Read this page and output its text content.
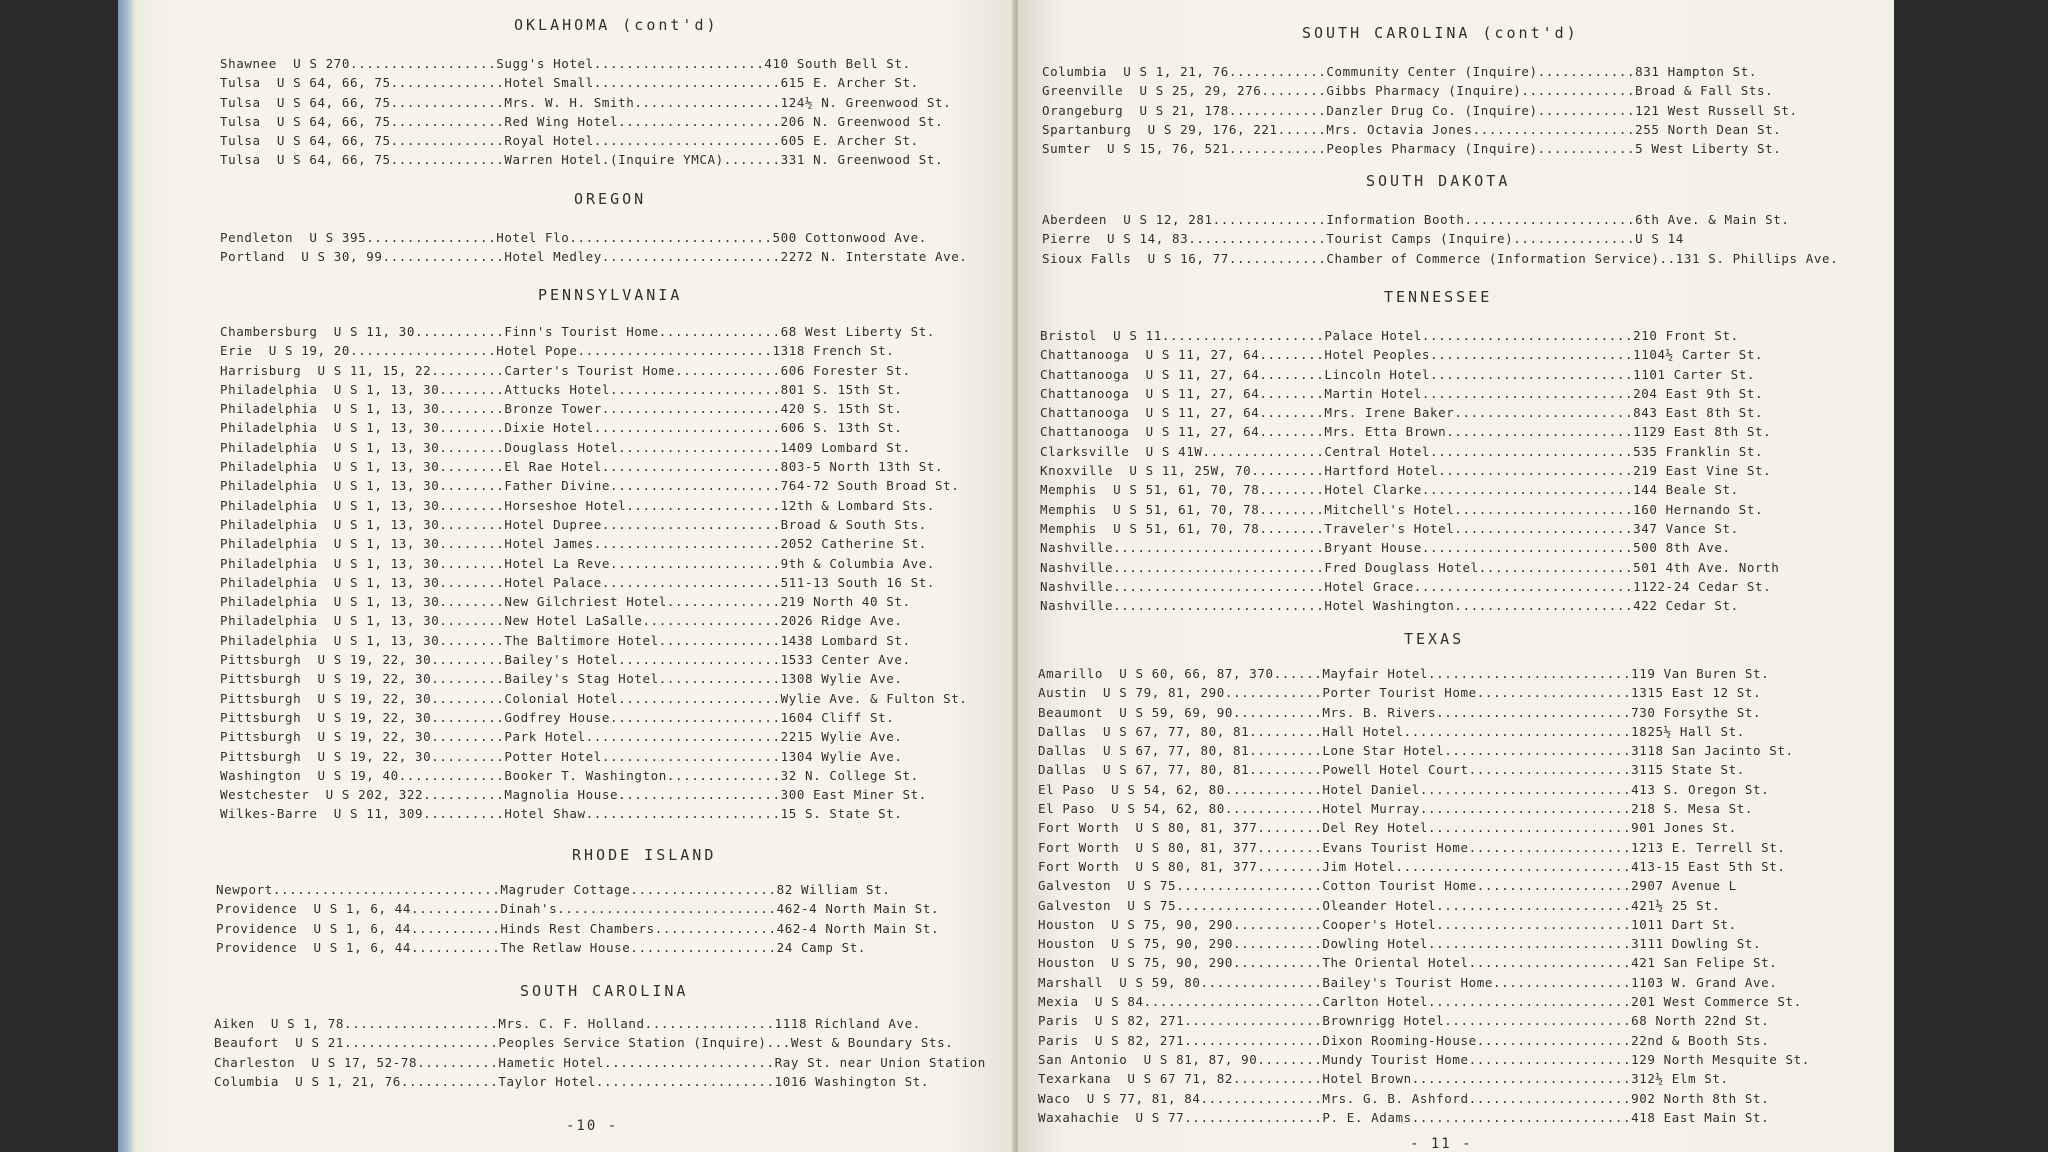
OKLAHOMA (cont'd)
Shawnee  U S 270..................Sugg's Hotel.....................410 South Bell St.
Tulsa  U S 64, 66, 75..............Hotel Small.......................615 E. Archer St.
Tulsa  U S 64, 66, 75..............Mrs. W. H. Smith..................124½ N. Greenwood St.
Tulsa  U S 64, 66, 75..............Red Wing Hotel....................206 N. Greenwood St.
Tulsa  U S 64, 66, 75..............Royal Hotel.......................605 E. Archer St.
Tulsa  U S 64, 66, 75..............Warren Hotel.(Inquire YMCA).......331 N. Greenwood St.
OREGON
Pendleton  U S 395................Hotel Flo.........................500 Cottonwood Ave.
Portland  U S 30, 99...............Hotel Medley......................2272 N. Interstate Ave.
PENNSYLVANIA
Chambersburg  U S 11, 30...........Finn's Tourist Home...............68 West Liberty St.
Erie  U S 19, 20..................Hotel Pope........................1318 French St.
Harrisburg  U S 11, 15, 22.........Carter's Tourist Home.............606 Forester St.
Philadelphia  U S 1, 13, 30........Attucks Hotel.....................801 S. 15th St.
Philadelphia  U S 1, 13, 30........Bronze Tower......................420 S. 15th St.
Philadelphia  U S 1, 13, 30........Dixie Hotel.......................606 S. 13th St.
Philadelphia  U S 1, 13, 30........Douglass Hotel....................1409 Lombard St.
Philadelphia  U S 1, 13, 30........El Rae Hotel......................803-5 North 13th St.
Philadelphia  U S 1, 13, 30........Father Divine.....................764-72 South Broad St.
Philadelphia  U S 1, 13, 30........Horseshoe Hotel...................12th & Lombard Sts.
Philadelphia  U S 1, 13, 30........Hotel Dupree......................Broad & South Sts.
Philadelphia  U S 1, 13, 30........Hotel James.......................2052 Catherine St.
Philadelphia  U S 1, 13, 30........Hotel La Reve.....................9th & Columbia Ave.
Philadelphia  U S 1, 13, 30........Hotel Palace......................511-13 South 16 St.
Philadelphia  U S 1, 13, 30........New Gilchriest Hotel..............219 North 40 St.
Philadelphia  U S 1, 13, 30........New Hotel LaSalle.................2026 Ridge Ave.
Philadelphia  U S 1, 13, 30........The Baltimore Hotel...............1438 Lombard St.
Pittsburgh  U S 19, 22, 30.........Bailey's Hotel....................1533 Center Ave.
Pittsburgh  U S 19, 22, 30.........Bailey's Stag Hotel...............1308 Wylie Ave.
Pittsburgh  U S 19, 22, 30.........Colonial Hotel....................Wylie Ave. & Fulton St.
Pittsburgh  U S 19, 22, 30.........Godfrey House.....................1604 Cliff St.
Pittsburgh  U S 19, 22, 30.........Park Hotel........................2215 Wylie Ave.
Pittsburgh  U S 19, 22, 30.........Potter Hotel......................1304 Wylie Ave.
Washington  U S 19, 40.............Booker T. Washington..............32 N. College St.
Westchester  U S 202, 322..........Magnolia House....................300 East Miner St.
Wilkes-Barre  U S 11, 309..........Hotel Shaw........................15 S. State St.
RHODE ISLAND
Newport............................Magruder Cottage..................82 William St.
Providence  U S 1, 6, 44...........Dinah's...........................462-4 North Main St.
Providence  U S 1, 6, 44...........Hinds Rest Chambers...............462-4 North Main St.
Providence  U S 1, 6, 44...........The Retlaw House..................24 Camp St.
SOUTH CAROLINA
Aiken  U S 1, 78...................Mrs. C. F. Holland................1118 Richland Ave.
Beaufort  U S 21...................Peoples Service Station (Inquire)...West & Boundary Sts.
Charleston  U S 17, 52-78..........Hametic Hotel.....................Ray St. near Union Station
Columbia  U S 1, 21, 76............Taylor Hotel......................1016 Washington St.
-10 -
SOUTH CAROLINA (cont'd)
Columbia  U S 1, 21, 76............Community Center (Inquire)............831 Hampton St.
Greenville  U S 25, 29, 276........Gibbs Pharmacy (Inquire)..............Broad & Fall Sts.
Orangeburg  U S 21, 178............Danzler Drug Co. (Inquire)............121 West Russell St.
Spartanburg  U S 29, 176, 221......Mrs. Octavia Jones....................255 North Dean St.
Sumter  U S 15, 76, 521............Peoples Pharmacy (Inquire)............5 West Liberty St.
SOUTH DAKOTA
Aberdeen  U S 12, 281..............Information Booth.....................6th Ave. & Main St.
Pierre  U S 14, 83.................Tourist Camps (Inquire)...............U S 14
Sioux Falls  U S 16, 77............Chamber of Commerce (Information Service)..131 S. Phillips Ave.
TENNESSEE
Bristol  U S 11....................Palace Hotel..........................210 Front St.
Chattanooga  U S 11, 27, 64........Hotel Peoples.........................1104½ Carter St.
Chattanooga  U S 11, 27, 64........Lincoln Hotel.........................1101 Carter St.
Chattanooga  U S 11, 27, 64........Martin Hotel..........................204 East 9th St.
Chattanooga  U S 11, 27, 64........Mrs. Irene Baker......................843 East 8th St.
Chattanooga  U S 11, 27, 64........Mrs. Etta Brown.......................1129 East 8th St.
Clarksville  U S 41W...............Central Hotel.........................535 Franklin St.
Knoxville  U S 11, 25W, 70.........Hartford Hotel........................219 East Vine St.
Memphis  U S 51, 61, 70, 78........Hotel Clarke..........................144 Beale St.
Memphis  U S 51, 61, 70, 78........Mitchell's Hotel......................160 Hernando St.
Memphis  U S 51, 61, 70, 78........Traveler's Hotel......................347 Vance St.
Nashville..........................Bryant House..........................500 8th Ave.
Nashville..........................Fred Douglass Hotel...................501 4th Ave. North
Nashville..........................Hotel Grace...........................1122-24 Cedar St.
Nashville..........................Hotel Washington......................422 Cedar St.
TEXAS
Amarillo  U S 60, 66, 87, 370......Mayfair Hotel.........................119 Van Buren St.
Austin  U S 79, 81, 290............Porter Tourist Home...................1315 East 12 St.
Beaumont  U S 59, 69, 90...........Mrs. B. Rivers........................730 Forsythe St.
Dallas  U S 67, 77, 80, 81.........Hall Hotel............................1825½ Hall St.
Dallas  U S 67, 77, 80, 81.........Lone Star Hotel.......................3118 San Jacinto St.
Dallas  U S 67, 77, 80, 81.........Powell Hotel Court....................3115 State St.
El Paso  U S 54, 62, 80............Hotel Daniel..........................413 S. Oregon St.
El Paso  U S 54, 62, 80............Hotel Murray..........................218 S. Mesa St.
Fort Worth  U S 80, 81, 377........Del Rey Hotel.........................901 Jones St.
Fort Worth  U S 80, 81, 377........Evans Tourist Home....................1213 E. Terrell St.
Fort Worth  U S 80, 81, 377........Jim Hotel.............................413-15 East 5th St.
Galveston  U S 75..................Cotton Tourist Home...................2907 Avenue L
Galveston  U S 75..................Oleander Hotel........................421½ 25 St.
Houston  U S 75, 90, 290...........Cooper's Hotel........................1011 Dart St.
Houston  U S 75, 90, 290...........Dowling Hotel.........................3111 Dowling St.
Houston  U S 75, 90, 290...........The Oriental Hotel....................421 San Felipe St.
Marshall  U S 59, 80...............Bailey's Tourist Home.................1103 W. Grand Ave.
Mexia  U S 84......................Carlton Hotel.........................201 West Commerce St.
Paris  U S 82, 271.................Brownrigg Hotel.......................68 North 22nd St.
Paris  U S 82, 271.................Dixon Rooming-House...................22nd & Booth Sts.
San Antonio  U S 81, 87, 90........Mundy Tourist Home....................129 North Mesquite St.
Texarkana  U S 67 71, 82...........Hotel Brown...........................312½ Elm St.
Waco  U S 77, 81, 84...............Mrs. G. B. Ashford....................902 North 8th St.
Waxahachie  U S 77.................P. E. Adams...........................418 East Main St.
- 11 -
